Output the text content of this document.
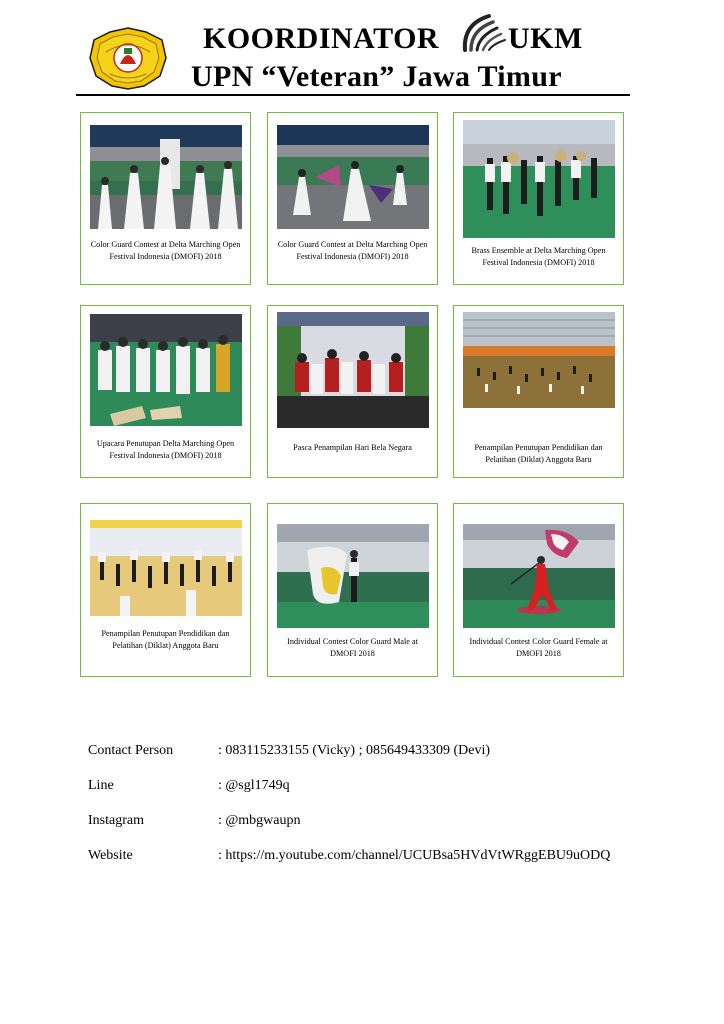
KOORDINATOR UKM
UPN “Veteran” Jawa Timur
Color Guard Contest at Delta Marching Open Festival Indonesia (DMOFI) 2018
Color Guard Contest at Delta Marching Open Festival Indonesia (DMOFI) 2018
Brass Ensemble at Delta Marching Open Festival Indonesia (DMOFI) 2018
Upacara Penutupan Delta Marching Open Festival Indonesia (DMOFI) 2018
Pasca Penampilan Hari Bela Negara	Penampilan Penutupan Pendidikan dan Pelatihan (Diklat) Anggota Baru
Penampilan Penutupan Pendidikan dan Pelatihan (Diklat) Anggota Baru	Individual Contest Color Guard Male at DMOFI 2018
Individual Contest Color Guard Female at DMOFI 2018
Contact Person	: 083115233155 (Vicky) ; 085649433309 (Devi)
Line	: @sgl1749q
Instagram	: @mbgwaupn
Website	: https://m.youtube.com/channel/UCUBsa5HVdVtWRggEBU9uODQ
